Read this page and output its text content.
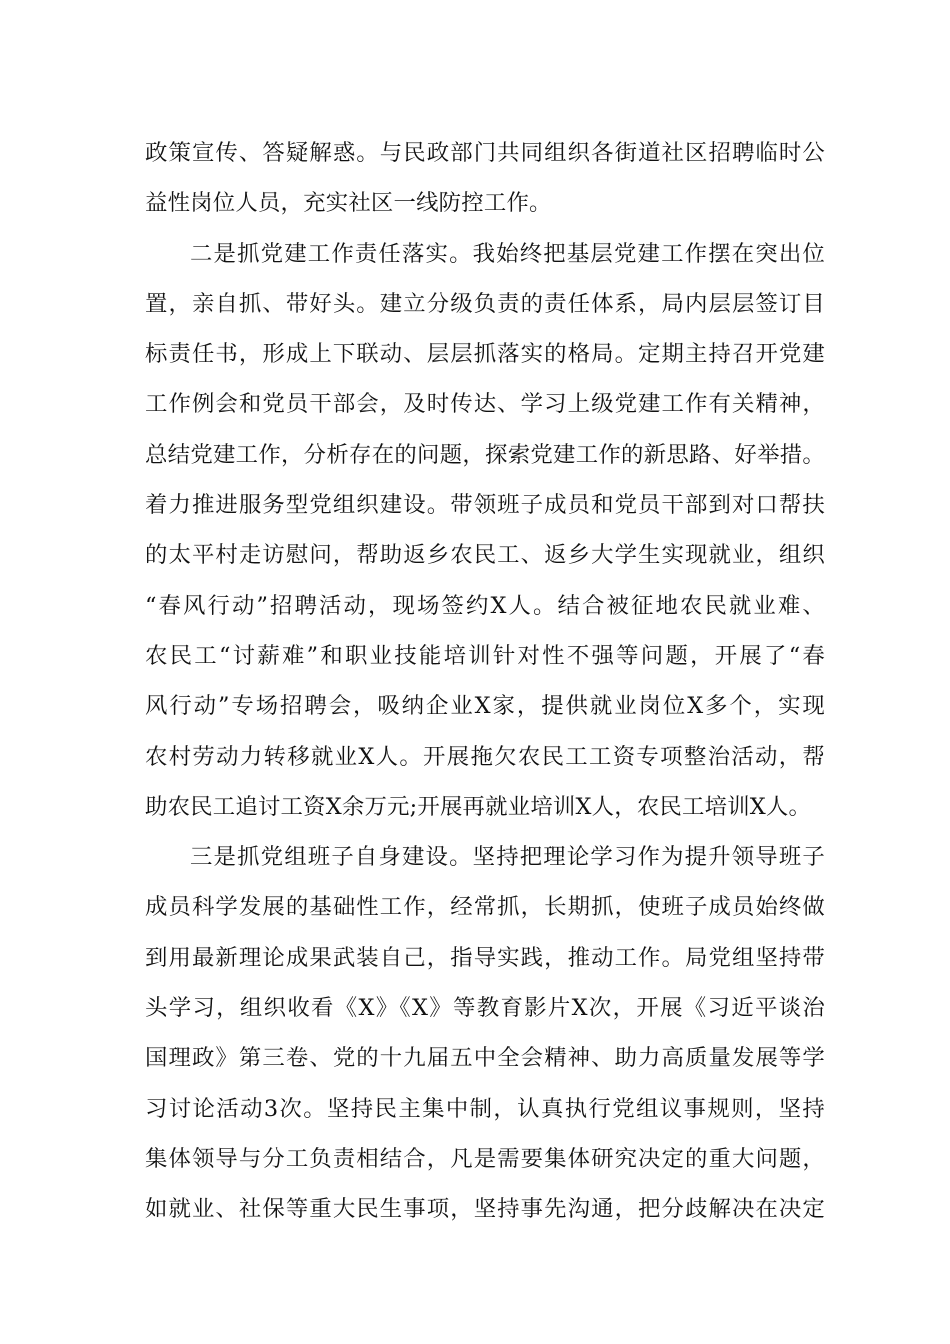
政策宣传、答疑解惑。与民政部门共同组织各街道社区招聘临时公
益性岗位人员，充实社区一线防控工作。
二是抓党建工作责任落实。我始终把基层党建工作摆在突出位
置，亲自抓、带好头。建立分级负责的责任体系，局内层层签订目
标责任书，形成上下联动、层层抓落实的格局。定期主持召开党建
工作例会和党员干部会，及时传达、学习上级党建工作有关精神，
总结党建工作，分析存在的问题，探索党建工作的新思路、好举措。
着力推进服务型党组织建设。带领班子成员和党员干部到对口帮扶
的太平村走访慰问，帮助返乡农民工、返乡大学生实现就业，组织
“春风行动”招聘活动，现场签约X人。结合被征地农民就业难、
农民工“讨薪难”和职业技能培训针对性不强等问题，开展了“春
风行动”专场招聘会，吸纳企业X家，提供就业岗位X多个，实现
农村劳动力转移就业X人。开展拖欠农民工工资专项整治活动，帮
助农民工追讨工资X余万元;开展再就业培训X人，农民工培训X人。
三是抓党组班子自身建设。坚持把理论学习作为提升领导班子
成员科学发展的基础性工作，经常抓，长期抓，使班子成员始终做
到用最新理论成果武装自己，指导实践，推动工作。局党组坚持带
头学习，组织收看《X》《X》等教育影片X次，开展《习近平谈治
国理政》第三卷、党的十九届五中全会精神、助力高质量发展等学
习讨论活动3次。坚持民主集中制，认真执行党组议事规则，坚持
集体领导与分工负责相结合，凡是需要集体研究决定的重大问题，
如就业、社保等重大民生事项，坚持事先沟通，把分歧解决在决定
